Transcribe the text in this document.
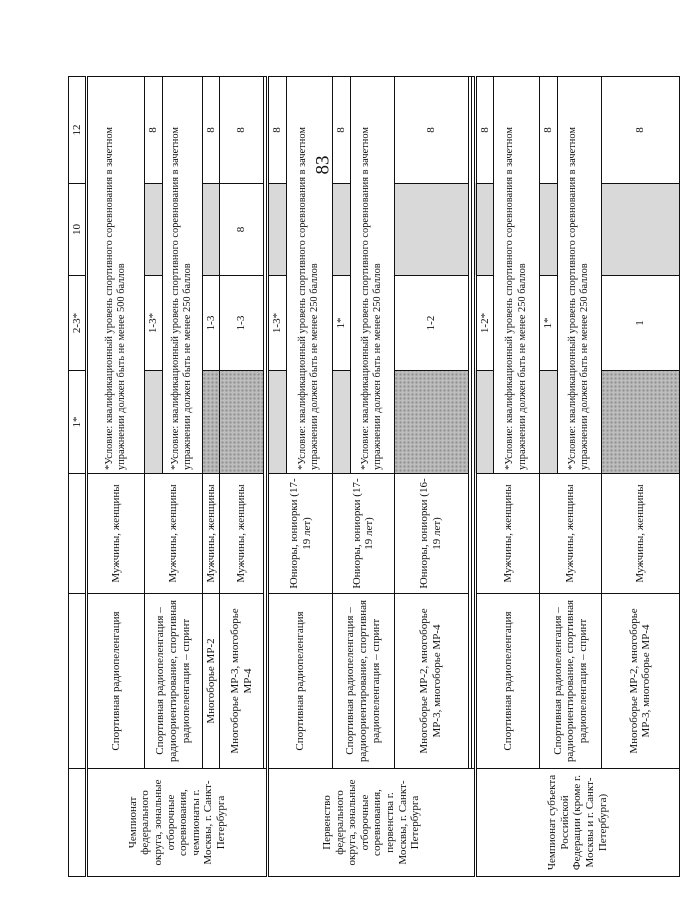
83
			1*	2-3*	10	12
Чемпионат федерального округа, зональные отборочные соревнования, чемпионаты г. Москвы, г. Санкт-Петербурга	Спортивная радиопеленгация	Мужчины, женщины	*Условие: квалификационный уровень спортивного соревнования в зачетном упражнении должен быть не менее 500 баллов			
	Спортивная радиопеленгация – радиоориентирование, спортивная радиопеленгация – спринт	Мужчины, женщины		1-3*		8
			*Условие: квалификационный уровень спортивного соревнования в зачетном упражнении должен быть не менее 250 баллов			
	Многоборье МР-2	Мужчины, женщины		1-3		8
	Многоборье МР-3, многоборье МР-4	Мужчины, женщины		1-3	8	8

Первенство федерального округа, зональные отборочные соревнования, первенства г. Москвы, г. Санкт-Петербурга	Спортивная радиопеленгация	Юниоры, юниорки (17-19 лет)		1-3*		8
			*Условие: квалификационный уровень спортивного соревнования в зачетном упражнении должен быть не менее 250 баллов			
	Спортивная радиопеленгация – радиоориентирование, спортивная радиопеленгация – спринт	Юниоры, юниорки (17-19 лет)		1*		8
			*Условие: квалификационный уровень спортивного соревнования в зачетном упражнении должен быть не менее 250 баллов			
	Многоборье МР-2, многоборье МР-3, многоборье МР-4	Юниоры, юниорки (16-19 лет)		1-2		8

Чемпионат субъекта Российской Федерации (кроме г. Москвы и г. Санкт-Петербурга)	Спортивная радиопеленгация	Мужчины, женщины		1-2*		8
			*Условие: квалификационный уровень спортивного соревнования в зачетном упражнении должен быть не менее 250 баллов			
	Спортивная радиопеленгация – радиоориентирование, спортивная радиопеленгация – спринт	Мужчины, женщины		1*		8
			*Условие: квалификационный уровень спортивного соревнования в зачетном упражнении должен быть не менее 250 баллов			
	Многоборье МР-2, многоборье МР-3, многоборье МР-4	Мужчины, женщины		1		8
